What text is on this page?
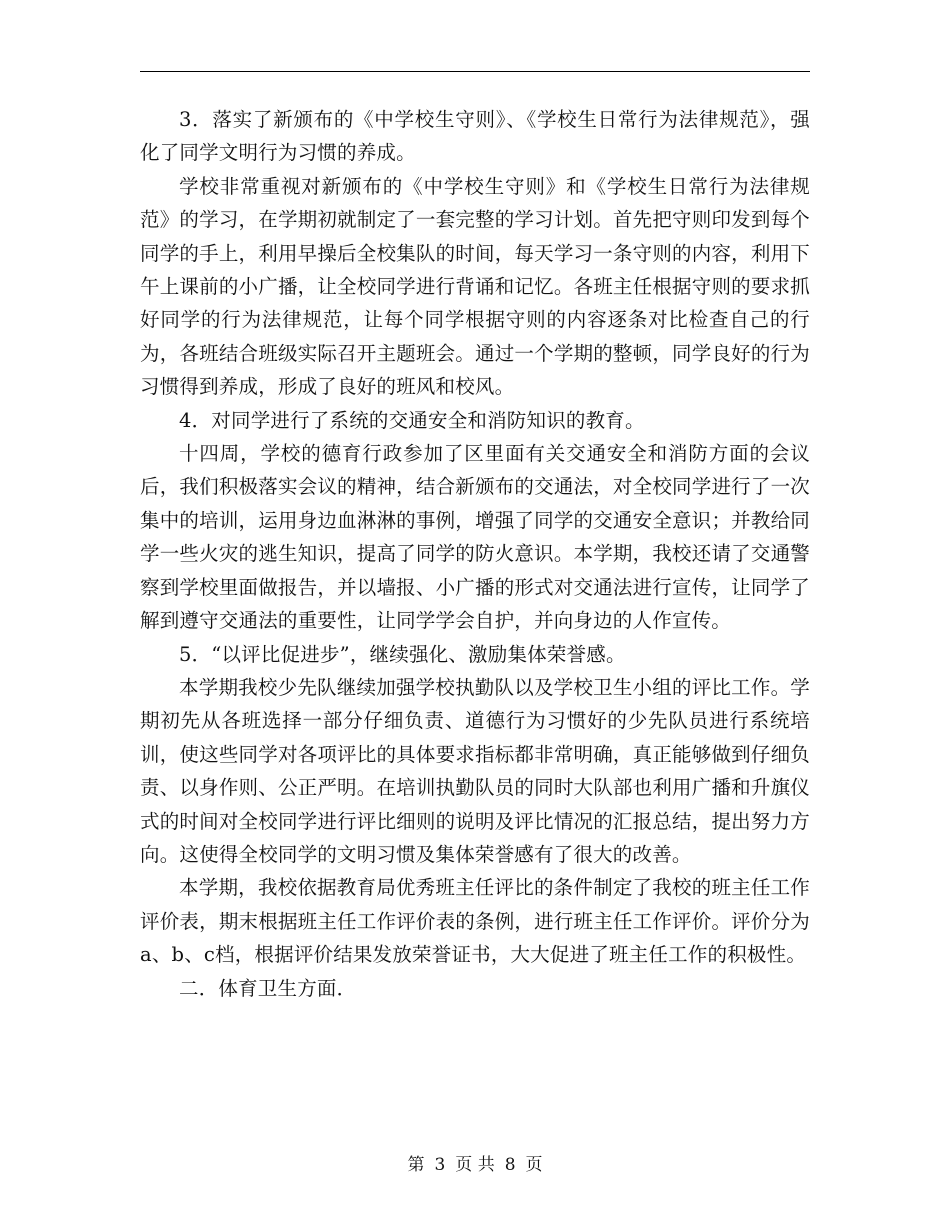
3．落实了新颁布的《中学校生守则》、《学校生日常行为法律规范》，强化了同学文明行为习惯的养成。

学校非常重视对新颁布的《中学校生守则》和《学校生日常行为法律规范》的学习，在学期初就制定了一套完整的学习计划。首先把守则印发到每个同学的手上，利用早操后全校集队的时间，每天学习一条守则的内容，利用下午上课前的小广播，让全校同学进行背诵和记忆。各班主任根据守则的要求抓好同学的行为法律规范，让每个同学根据守则的内容逐条对比检查自己的行为，各班结合班级实际召开主题班会。通过一个学期的整顿，同学良好的行为习惯得到养成，形成了良好的班风和校风。

4．对同学进行了系统的交通安全和消防知识的教育。

十四周，学校的德育行政参加了区里面有关交通安全和消防方面的会议后，我们积极落实会议的精神，结合新颁布的交通法，对全校同学进行了一次集中的培训，运用身边血淋淋的事例，增强了同学的交通安全意识；并教给同学一些火灾的逃生知识，提高了同学的防火意识。本学期，我校还请了交通警察到学校里面做报告，并以墙报、小广播的形式对交通法进行宣传，让同学了解到遵守交通法的重要性，让同学学会自护，并向身边的人作宣传。

5．“以评比促进步”，继续强化、激励集体荣誉感。

本学期我校少先队继续加强学校执勤队以及学校卫生小组的评比工作。学期初先从各班选择一部分仔细负责、道德行为习惯好的少先队员进行系统培训，使这些同学对各项评比的具体要求指标都非常明确，真正能够做到仔细负责、以身作则、公正严明。在培训执勤队员的同时大队部也利用广播和升旗仪式的时间对全校同学进行评比细则的说明及评比情况的汇报总结，提出努力方向。这使得全校同学的文明习惯及集体荣誉感有了很大的改善。

本学期，我校依据教育局优秀班主任评比的条件制定了我校的班主任工作评价表，期末根据班主任工作评价表的条例，进行班主任工作评价。评价分为a、b、c档，根据评价结果发放荣誉证书，大大促进了班主任工作的积极性。

二．体育卫生方面．

第 3 页 共 8 页
